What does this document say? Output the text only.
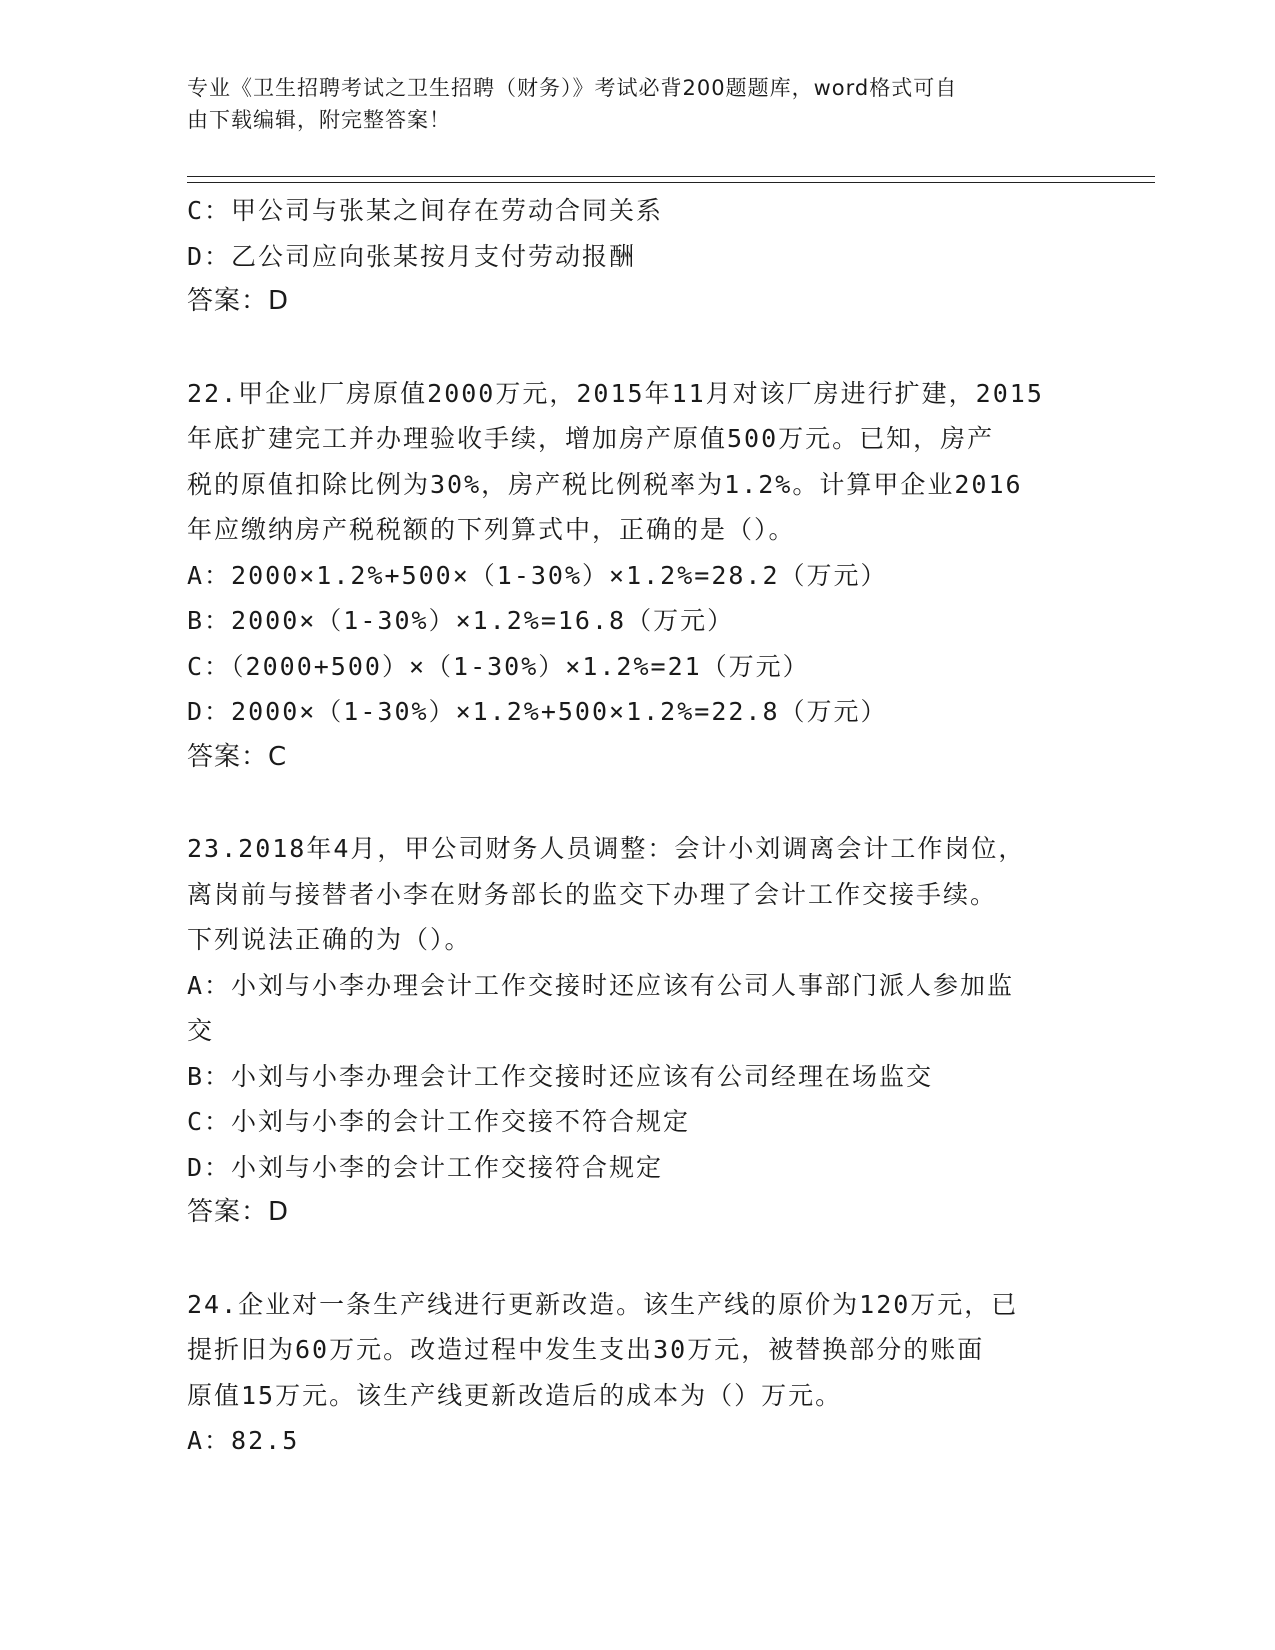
专业《卫生招聘考试之卫生招聘（财务）》考试必背200题题库，word格式可自
由下载编辑，附完整答案！
C：甲公司与张某之间存在劳动合同关系
D：乙公司应向张某按月支付劳动报酬
答案：D
22.甲企业厂房原值2000万元，2015年11月对该厂房进行扩建，2015
年底扩建完工并办理验收手续，增加房产原值500万元。已知，房产
税的原值扣除比例为30%，房产税比例税率为1.2%。计算甲企业2016
年应缴纳房产税税额的下列算式中，正确的是（）。
A：2000×1.2%+500×（1-30%）×1.2%=28.2（万元）
B：2000×（1-30%）×1.2%=16.8（万元）
C：（2000+500）×（1-30%）×1.2%=21（万元）
D：2000×（1-30%）×1.2%+500×1.2%=22.8（万元）
答案：C
23.2018年4月，甲公司财务人员调整：会计小刘调离会计工作岗位，
离岗前与接替者小李在财务部长的监交下办理了会计工作交接手续。
下列说法正确的为（）。
A：小刘与小李办理会计工作交接时还应该有公司人事部门派人参加监
交
B：小刘与小李办理会计工作交接时还应该有公司经理在场监交
C：小刘与小李的会计工作交接不符合规定
D：小刘与小李的会计工作交接符合规定
答案：D
24.企业对一条生产线进行更新改造。该生产线的原价为120万元，已
提折旧为60万元。改造过程中发生支出30万元，被替换部分的账面
原值15万元。该生产线更新改造后的成本为（）万元。
A：82.5
